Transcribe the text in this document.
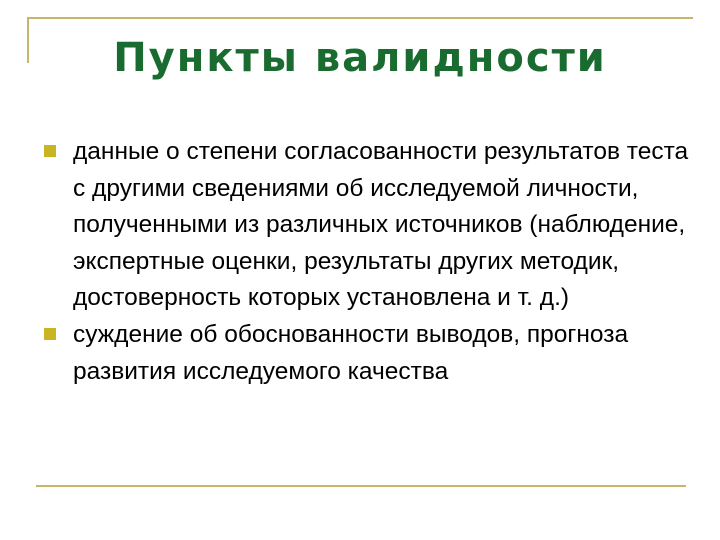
Пункты валидности
данные о степени согласованности результатов теста с другими сведениями об исследуемой личности, полученными из различных источников (наблюдение, экспертные оценки, результаты других методик, достоверность которых установлена и т. д.)
суждение об обоснованности выводов, прогноза развития исследуемого качества
